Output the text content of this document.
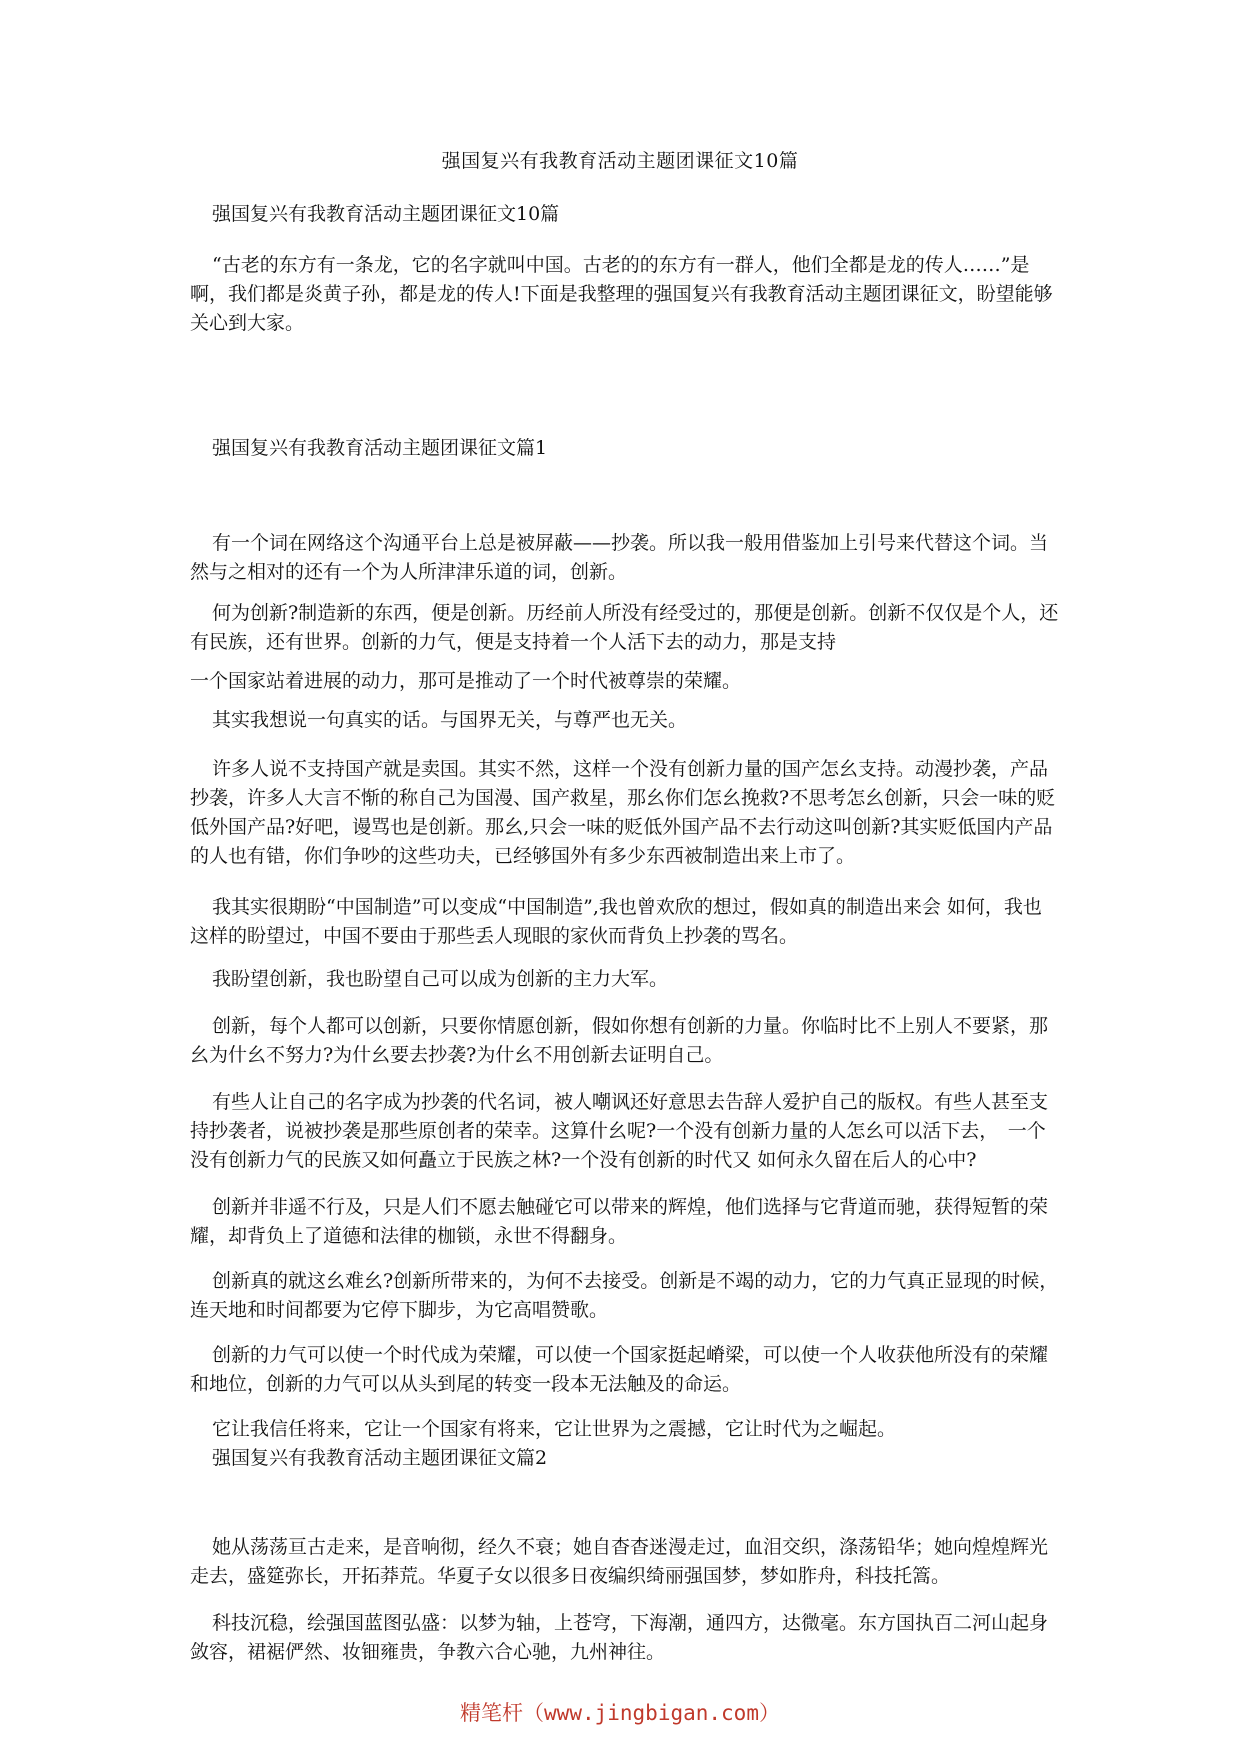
强国复兴有我教育活动主题团课征文10篇

强国复兴有我教育活动主题团课征文10篇

“古老的东方有一条龙，它的名字就叫中国。古老的的东方有一群人，他们全都是龙的传人……”是啊，我们都是炎黄子孙，都是龙的传人!下面是我整理的强国复兴有我教育活动主题团课征文，盼望能够关心到大家。

强国复兴有我教育活动主题团课征文篇1

有一个词在网络这个沟通平台上总是被屏蔽——抄袭。所以我一般用借鉴加上引号来代替这个词。当然与之相对的还有一个为人所津津乐道的词，创新。

何为创新?制造新的东西，便是创新。历经前人所没有经受过的，那便是创新。创新不仅仅是个人，还有民族，还有世界。创新的力气，便是支持着一个人活下去的动力，那是支持

一个国家站着进展的动力，那可是推动了一个时代被尊崇的荣耀。

其实我想说一句真实的话。与国界无关，与尊严也无关。

许多人说不支持国产就是卖国。其实不然，这样一个没有创新力量的国产怎幺支持。动漫抄袭，产品抄袭，许多人大言不惭的称自己为国漫、国产救星，那幺你们怎幺挽救?不思考怎幺创新，只会一味的贬低外国产品?好吧，谩骂也是创新。那幺,只会一味的贬低外国产品不去行动这叫创新?其实贬低国内产品的人也有错，你们争吵的这些功夫，已经够国外有多少东西被制造出来上市了。

我其实很期盼“中国制造”可以变成“中国制造”,我也曾欢欣的想过，假如真的制造出来会 如何，我也这样的盼望过，中国不要由于那些丢人现眼的家伙而背负上抄袭的骂名。

我盼望创新，我也盼望自己可以成为创新的主力大军。

创新，每个人都可以创新，只要你情愿创新，假如你想有创新的力量。你临时比不上别人不要紧，那幺为什幺不努力?为什幺要去抄袭?为什幺不用创新去证明自己。

有些人让自己的名字成为抄袭的代名词，被人嘲讽还好意思去告辞人爱护自己的版权。有些人甚至支持抄袭者，说被抄袭是那些原创者的荣幸。这算什幺呢?一个没有创新力量的人怎幺可以活下去，　一个没有创新力气的民族又如何矗立于民族之林?一个没有创新的时代又 如何永久留在后人的心中?

创新并非遥不行及，只是人们不愿去触碰它可以带来的辉煌，他们选择与它背道而驰，获得短暂的荣耀，却背负上了道德和法律的枷锁，永世不得翻身。

创新真的就这幺难幺?创新所带来的，为何不去接受。创新是不竭的动力，它的力气真正显现的时候，连天地和时间都要为它停下脚步，为它高唱赞歌。

创新的力气可以使一个时代成为荣耀，可以使一个国家挺起嵴梁，可以使一个人收获他所没有的荣耀和地位，创新的力气可以从头到尾的转变一段本无法触及的命运。

它让我信任将来，它让一个国家有将来，它让世界为之震撼，它让时代为之崛起。

强国复兴有我教育活动主题团课征文篇2

她从荡荡亘古走来，是音响彻，经久不衰；她自杳杳迷漫走过，血泪交织，涤荡铅华；她向煌煌辉光走去，盛筵弥长，开拓莽荒。华夏子女以很多日夜编织绮丽强国梦，梦如胙舟，科技托篙。

科技沉稳，绘强国蓝图弘盛：以梦为轴，上苍穹，下海潮，通四方，达微毫。东方国执百二河山起身敛容，裙裾俨然、妆钿雍贵，争教六合心驰，九州神往。

精笔杆（www.jingbigan.com）
